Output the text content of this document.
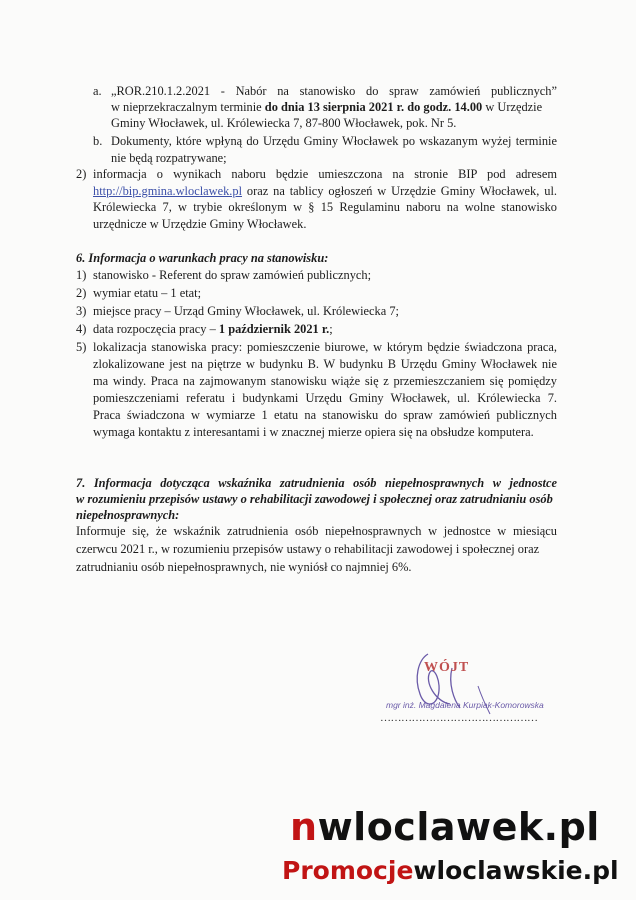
a. „ROR.210.1.2.2021 - Nabór na stanowisko do spraw zamówień publicznych”
w nieprzekraczalnym terminie do dnia 13 sierpnia 2021 r. do godz. 14.00 w Urzędzie
Gminy Włocławek, ul. Królewiecka 7, 87-800 Włocławek, pok. Nr 5.
b. Dokumenty, które wpłyną do Urzędu Gminy Włocławek po wskazanym wyżej terminie
nie będą rozpatrywane;
2) informacja o wynikach naboru będzie umieszczona na stronie BIP pod adresem
http://bip.gmina.wloclawek.pl oraz na tablicy ogłoszeń w Urzędzie Gminy Włocławek, ul.
Królewiecka 7, w trybie określonym w § 15 Regulaminu naboru na wolne stanowisko
urzędnicze w Urzędzie Gminy Włocławek.
6. Informacja o warunkach pracy na stanowisku:
1) stanowisko - Referent do spraw zamówień publicznych;
2) wymiar etatu – 1 etat;
3) miejsce pracy – Urząd Gminy Włocławek, ul. Królewiecka 7;
4) data rozpoczęcia pracy – 1 październik 2021 r.;
5) lokalizacja stanowiska pracy: pomieszczenie biurowe, w którym będzie świadczona praca,
zlokalizowane jest na piętrze w budynku B. W budynku B Urzędu Gminy Włocławek nie
ma windy. Praca na zajmowanym stanowisku wiąże się z przemieszczaniem się pomiędzy
pomieszczeniami referatu i budynkami Urzędu Gminy Włocławek, ul. Królewiecka 7.
Praca świadczona w wymiarze 1 etatu na stanowisku do spraw zamówień publicznych
wymaga kontaktu z interesantami i w znacznej mierze opiera się na obsłudze komputera.
7. Informacja dotycząca wskaźnika zatrudnienia osób niepełnosprawnych w jednostce
w rozumieniu przepisów ustawy o rehabilitacji zawodowej i społecznej oraz zatrudnianiu osób
niepełnosprawnych:
Informuje się, że wskaźnik zatrudnienia osób niepełnosprawnych w jednostce w miesiącu
czerwcu 2021 r., w rozumieniu przepisów ustawy o rehabilitacji zawodowej i społecznej oraz
zatrudnianiu osób niepełnosprawnych, nie wyniósł co najmniej 6%.
WÓJT
mgr inż. Magdalena Kurpiak-Komorowska
………………………………………
nwloclawek.pl
Promocjewloclawskie.pl
